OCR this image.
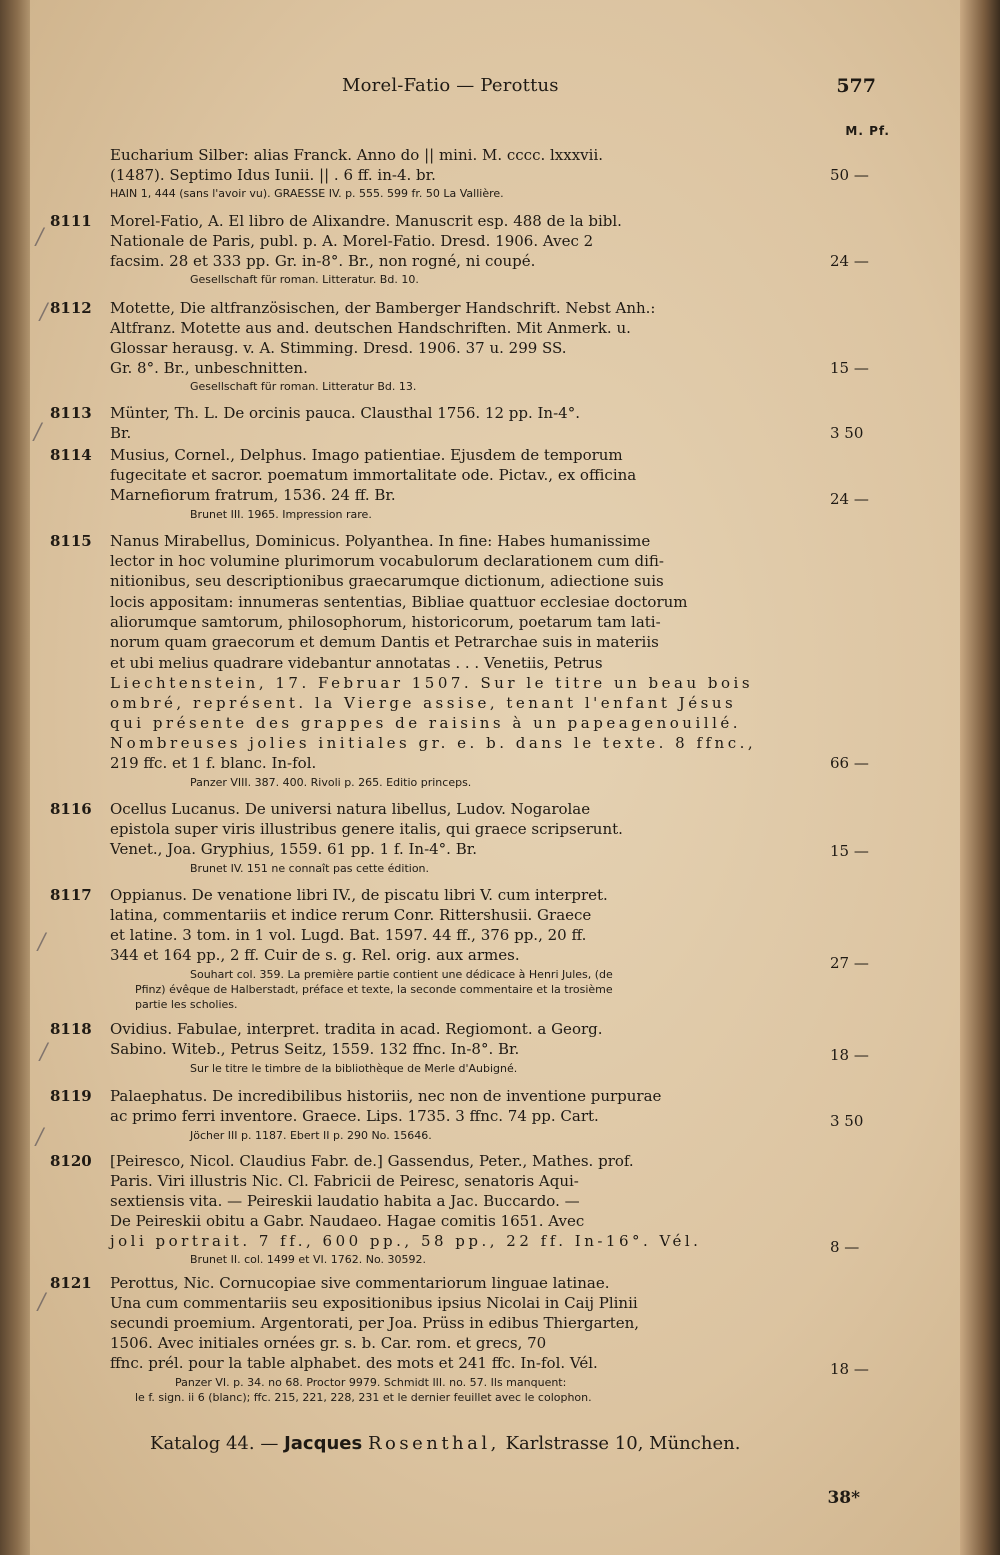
/
/
/
/
/
/
/
Morel-Fatio — Perottus	577
M. Pf.
Eucharium Silber: alias Franck. Anno do || mini. M. cccc. lxxxvii.
(1487). Septimo Idus Iunii. || . 6 ff. in-4. br.
HAIN 1, 444 (sans l'avoir vu). GRAESSE IV. p. 555. 599 fr. 50 La Vallière.
50 —
8111 Morel-Fatio, A. El libro de Alixandre. Manuscrit esp. 488 de la bibl.
Nationale de Paris, publ. p. A. Morel-Fatio. Dresd. 1906. Avec 2
facsim. 28 et 333 pp. Gr. in-8°. Br., non rogné, ni coupé.
Gesellschaft für roman. Litteratur. Bd. 10.
24 —
8112 Motette, Die altfranzösischen, der Bamberger Handschrift. Nebst Anh.:
Altfranz. Motette aus and. deutschen Handschriften. Mit Anmerk. u.
Glossar herausg. v. A. Stimming. Dresd. 1906. 37 u. 299 SS.
Gr. 8°. Br., unbeschnitten.
Gesellschaft für roman. Litteratur Bd. 13.
15 —
8113 Münter, Th. L. De orcinis pauca. Clausthal 1756. 12 pp. In-4°.
Br.	3 50
8114 Musius, Cornel., Delphus. Imago patientiae. Ejusdem de temporum
fugecitate et sacror. poematum immortalitate ode. Pictav., ex officina
Marnefiorum fratrum, 1536. 24 ff. Br.
Brunet III. 1965. Impression rare.
24 —
8115 Nanus Mirabellus, Dominicus. Polyanthea. In fine: Habes humanissime
lector in hoc volumine plurimorum vocabulorum declarationem cum difi-
nitionibus, seu descriptionibus graecarumque dictionum, adiectione suis
locis appositam: innumeras sententias, Bibliae quattuor ecclesiae doctorum
aliorumque samtorum, philosophorum, historicorum, poetarum tam lati-
norum quam graecorum et demum Dantis et Petrarchae suis in materiis
et ubi melius quadrare videbantur annotatas . . . Venetiis, Petrus
Liechtenstein, 17. Februar 1507. Sur le titre un beau bois
ombré, représent. la Vierge assise, tenant l'enfant Jésus
qui présente des grappes de raisins à un papeagenouillé.
Nombreuses jolies initiales gr. e. b. dans le texte. 8 ffnc.,
219 ffc. et 1 f. blanc. In-fol.
Panzer VIII. 387. 400. Rivoli p. 265. Editio princeps.
66 —
8116 Ocellus Lucanus. De universi natura libellus, Ludov. Nogarolae
epistola super viris illustribus genere italis, qui graece scripserunt.
Venet., Joa. Gryphius, 1559. 61 pp. 1 f. In-4°. Br.
Brunet IV. 151 ne connaît pas cette édition.
15 —
8117 Oppianus. De venatione libri IV., de piscatu libri V. cum interpret.
latina, commentariis et indice rerum Conr. Rittershusii. Graece
et latine. 3 tom. in 1 vol. Lugd. Bat. 1597. 44 ff., 376 pp., 20 ff.
344 et 164 pp., 2 ff. Cuir de s. g. Rel. orig. aux armes.
Souhart col. 359. La première partie contient une dédicace à Henri Jules, (de
Pfinz) évêque de Halberstadt, préface et texte, la seconde commentaire et la trosième
partie les scholies.
27 —
8118 Ovidius. Fabulae, interpret. tradita in acad. Regiomont. a Georg.
Sabino. Witeb., Petrus Seitz, 1559. 132 ffnc. In-8°. Br.
Sur le titre le timbre de la bibliothèque de Merle d'Aubigné.
18 —
8119 Palaephatus. De incredibilibus historiis, nec non de inventione purpurae
ac primo ferri inventore. Graece. Lips. 1735. 3 ffnc. 74 pp. Cart.
Jöcher III p. 1187. Ebert II p. 290 No. 15646.
3 50
8120 [Peiresco, Nicol. Claudius Fabr. de.] Gassendus, Peter., Mathes. prof.
Paris. Viri illustris Nic. Cl. Fabricii de Peiresc, senatoris Aqui-
sextiensis vita. — Peireskii laudatio habita a Jac. Buccardo. —
De Peireskii obitu a Gabr. Naudaeo. Hagae comitis 1651. Avec
joli portrait. 7 ff., 600 pp., 58 pp., 22 ff. In-16°. Vél.
Brunet II. col. 1499 et VI. 1762. No. 30592.
8 —
8121 Perottus, Nic. Cornucopiae sive commentariorum linguae latinae.
Una cum commentariis seu expositionibus ipsius Nicolai in Caij Plinii
secundi proemium. Argentorati, per Joa. Prüss in edibus Thiergarten,
1506. Avec initiales ornées gr. s. b. Car. rom. et grecs, 70
ffnc. prél. pour la table alphabet. des mots et 241 ffc. In-fol. Vél.
Panzer VI. p. 34. no 68. Proctor 9979. Schmidt III. no. 57. Ils manquent:
le f. sign. ii 6 (blanc); ffc. 215, 221, 228, 231 et le dernier feuillet avec le colophon.
18 —
Katalog 44. — Jacques Rosenthal, Karlstrasse 10, München.
38*
